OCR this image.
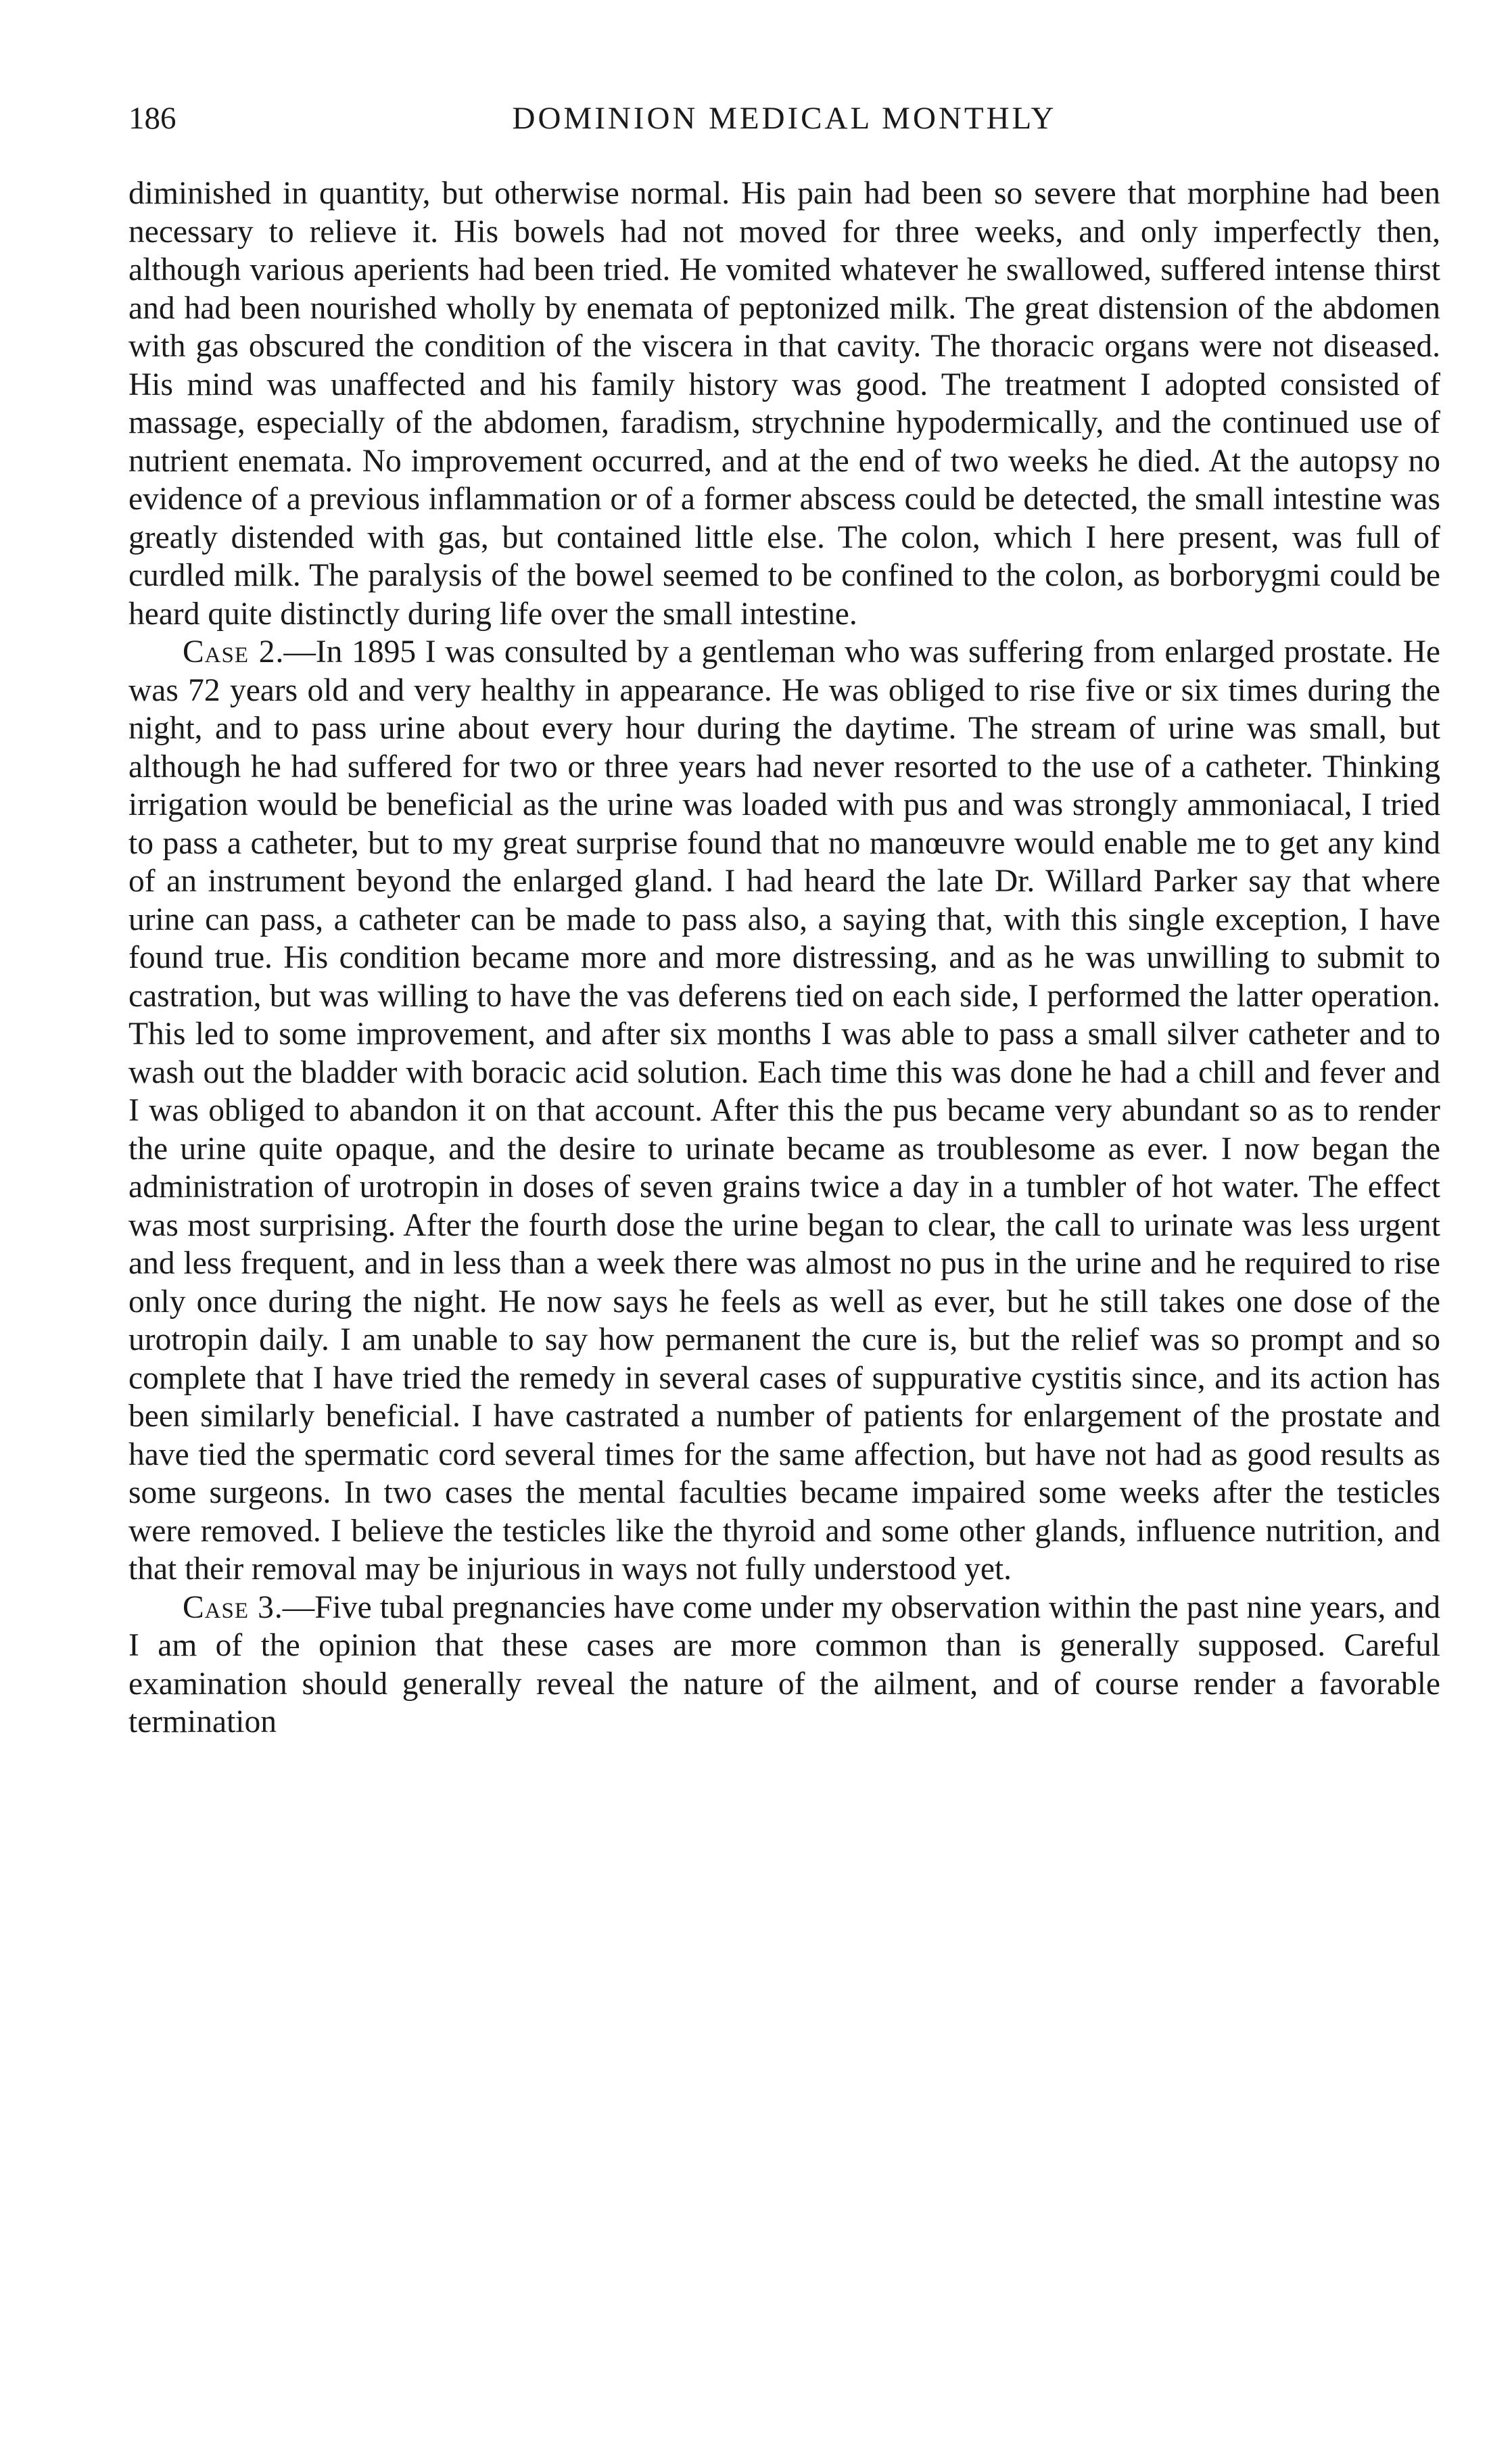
186	DOMINION MEDICAL MONTHLY

diminished in quantity, but otherwise normal. His pain had been so severe that morphine had been necessary to relieve it. His bowels had not moved for three weeks, and only imperfectly then, although various aperients had been tried. He vomited whatever he swallowed, suffered intense thirst and had been nourished wholly by enemata of peptonized milk. The great distension of the abdomen with gas obscured the condition of the viscera in that cavity. The thoracic organs were not diseased. His mind was unaffected and his family history was good. The treatment I adopted consisted of massage, especially of the abdomen, faradism, strychnine hypodermically, and the continued use of nutrient enemata. No improvement occurred, and at the end of two weeks he died. At the autopsy no evidence of a previous inflammation or of a former abscess could be detected, the small intestine was greatly distended with gas, but contained little else. The colon, which I here present, was full of curdled milk. The paralysis of the bowel seemed to be confined to the colon, as borborygmi could be heard quite distinctly during life over the small intestine.

Case 2.—In 1895 I was consulted by a gentleman who was suffering from enlarged prostate. He was 72 years old and very healthy in appearance. He was obliged to rise five or six times during the night, and to pass urine about every hour during the daytime. The stream of urine was small, but although he had suffered for two or three years had never resorted to the use of a catheter. Thinking irrigation would be beneficial as the urine was loaded with pus and was strongly ammoniacal, I tried to pass a catheter, but to my great surprise found that no manœuvre would enable me to get any kind of an instrument beyond the enlarged gland. I had heard the late Dr. Willard Parker say that where urine can pass, a catheter can be made to pass also, a saying that, with this single exception, I have found true. His condition became more and more distressing, and as he was unwilling to submit to castration, but was willing to have the vas deferens tied on each side, I performed the latter operation. This led to some improvement, and after six months I was able to pass a small silver catheter and to wash out the bladder with boracic acid solution. Each time this was done he had a chill and fever and I was obliged to abandon it on that account. After this the pus became very abundant so as to render the urine quite opaque, and the desire to urinate became as troublesome as ever. I now began the administration of urotropin in doses of seven grains twice a day in a tumbler of hot water. The effect was most surprising. After the fourth dose the urine began to clear, the call to urinate was less urgent and less frequent, and in less than a week there was almost no pus in the urine and he required to rise only once during the night. He now says he feels as well as ever, but he still takes one dose of the urotropin daily. I am unable to say how permanent the cure is, but the relief was so prompt and so complete that I have tried the remedy in several cases of suppurative cystitis since, and its action has been similarly beneficial. I have castrated a number of patients for enlargement of the prostate and have tied the spermatic cord several times for the same affection, but have not had as good results as some surgeons. In two cases the mental faculties became impaired some weeks after the testicles were removed. I believe the testicles like the thyroid and some other glands, influence nutrition, and that their removal may be injurious in ways not fully understood yet.

Case 3.—Five tubal pregnancies have come under my observation within the past nine years, and I am of the opinion that these cases are more common than is generally supposed. Careful examination should generally reveal the nature of the ailment, and of course render a favorable termination
